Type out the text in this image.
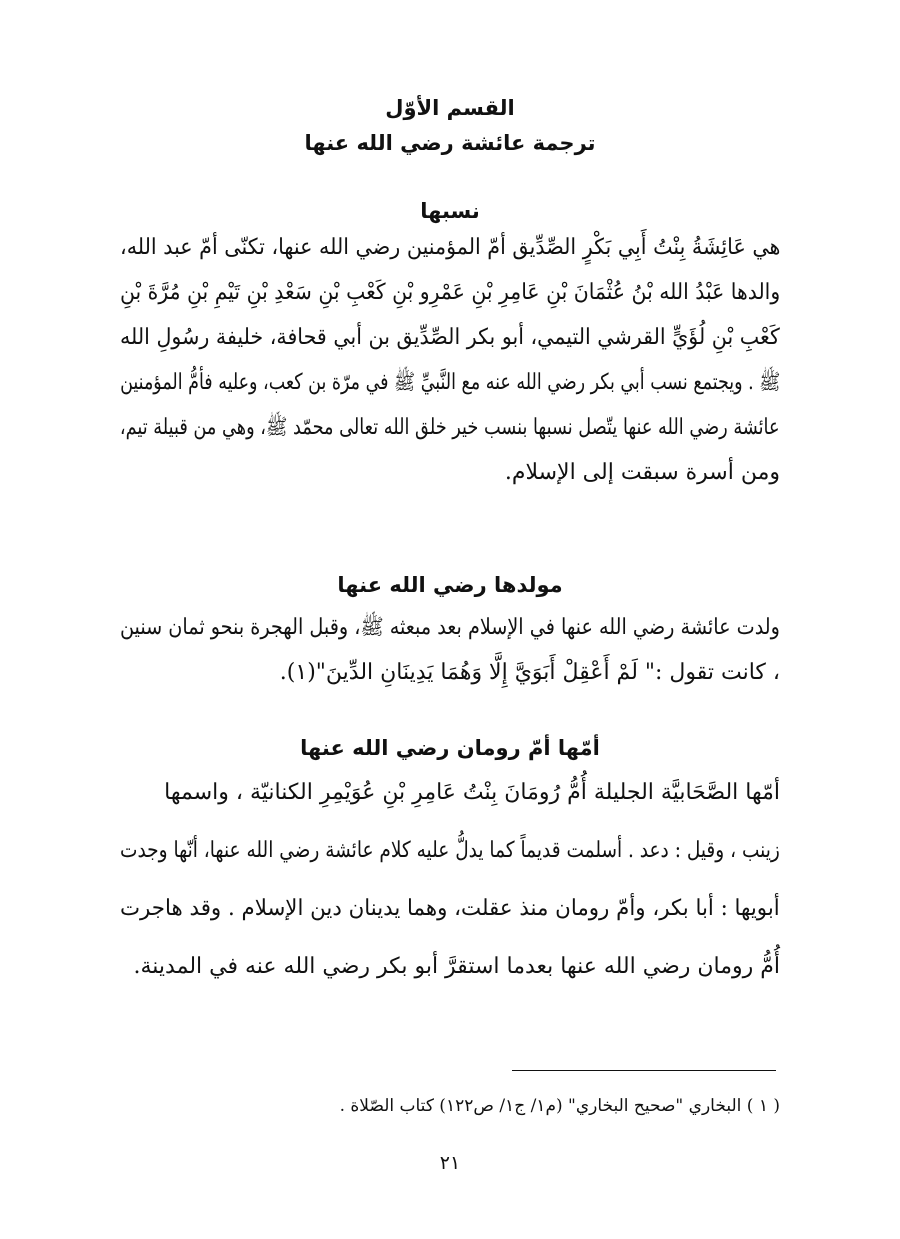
القسم الأوّل
ترجمة عائشة رضي الله عنها
نسبها
هي عَائِشَةُ بِنْتُ أَبِي بَكْرٍ الصِّدِّيق أمّ المؤمنين رضي الله عنها، تكنّى أمّ عبد الله،
والدها عَبْدُ الله بْنُ عُثْمَانَ بْنِ عَامِرِ بْنِ عَمْرِو بْنِ كَعْبِ بْنِ سَعْدِ بْنِ تَيْمِ بْنِ مُرَّةَ بْنِ
كَعْبِ بْنِ لُؤَيٍّ القرشي التيمي، أبو بكر الصِّدِّيق بن أبي قحافة، خليفة رسُولِ الله
ﷺ . ويجتمع نسب أبي بكر رضي الله عنه مع النَّبيِّ ﷺ في مرّة بن كعب، وعليه فأمُّ المؤمنين
عائشة رضي الله عنها يتّصل نسبها بنسب خير خلق الله تعالى محمّد ﷺ، وهي من قبيلة تيم،
ومن أسرة سبقت إلى الإسلام.
مولدها رضي الله عنها
ولدت عائشة رضي الله عنها في الإسلام بعد مبعثه ﷺ، وقبل الهجرة بنحو ثمان سنين
، كانت تقول :" لَمْ أَعْقِلْ أَبَوَيَّ إِلَّا وَهُمَا يَدِينَانِ الدِّينَ"(١).
أمّها أمّ رومان رضي الله عنها
أمّها الصَّحَابيَّة الجليلة أُمُّ رُومَانَ بِنْتُ عَامِرِ بْنِ عُوَيْمِرِ الكنانيّة ، واسمها
زينب ، وقيل : دعد . أسلمت قديماً كما يدلُّ عليه كلام عائشة رضي الله عنها، أنّها وجدت
أبويها : أبا بكر، وأمّ رومان منذ عقلت، وهما يدينان دين الإسلام . وقد هاجرت
أُمُّ رومان رضي الله عنها بعدما استقرَّ أبو بكر رضي الله عنه في المدينة.
( ١ ) البخاري "صحيح البخاري" (م١/ ج١/ ص١٢٢) كتاب الصّلاة .
٢١
